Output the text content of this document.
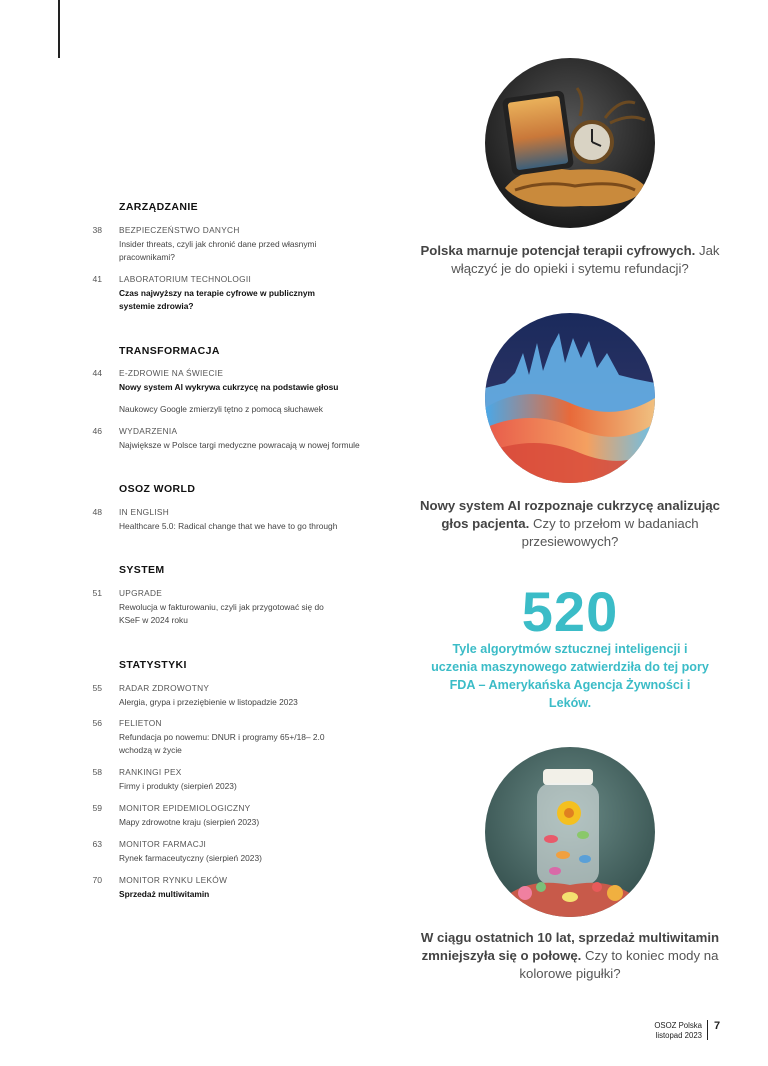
ZARZĄDZANIE
38 BEZPIECZEŃSTWO DANYCH
Insider threats, czyli jak chronić dane przed własnymi pracownikami?
41 LABORATORIUM TECHNOLOGII
Czas najwyższy na terapie cyfrowe w publicznym systemie zdrowia?
TRANSFORMACJA
44 E-ZDROWIE NA ŚWIECIE
Nowy system AI wykrywa cukrzycę na podstawie głosu
Naukowcy Google zmierzyli tętno z pomocą słuchawek
46 WYDARZENIA
Największe w Polsce targi medyczne powracają w nowej formule
OSOZ WORLD
48 IN ENGLISH
Healthcare 5.0: Radical change that we have to go through
SYSTEM
51 UPGRADE
Rewolucja w fakturowaniu, czyli jak przygotować się do KSeF w 2024 roku
STATYSTYKI
55 RADAR ZDROWOTNY
Alergia, grypa i przeziębienie w listopadzie 2023
56 FELIETON
Refundacja po nowemu: DNUR i programy 65+/18– 2.0 wchodzą w życie
58 RANKINGI PEX
Firmy i produkty (sierpień 2023)
59 MONITOR EPIDEMIOLOGICZNY
Mapy zdrowotne kraju (sierpień 2023)
63 MONITOR FARMACJI
Rynek farmaceutyczny (sierpień 2023)
70 MONITOR RYNKU LEKÓW
Sprzedaż multiwitamin
Polska marnuje potencjał terapii cyfrowych. Jak włączyć je do opieki i sytemu refundacji?
Nowy system AI rozpoznaje cukrzycę analizując głos pacjenta. Czy to przełom w badaniach przesiewowych?
520
Tyle algorytmów sztucznej inteligencji i uczenia maszynowego zatwierdziła do tej pory FDA – Amerykańska Agencja Żywności i Leków.
W ciągu ostatnich 10 lat, sprzedaż multiwitamin zmniejszyła się o połowę. Czy to koniec mody na kolorowe pigułki?
OSOZ Polska
listopad 2023
7
